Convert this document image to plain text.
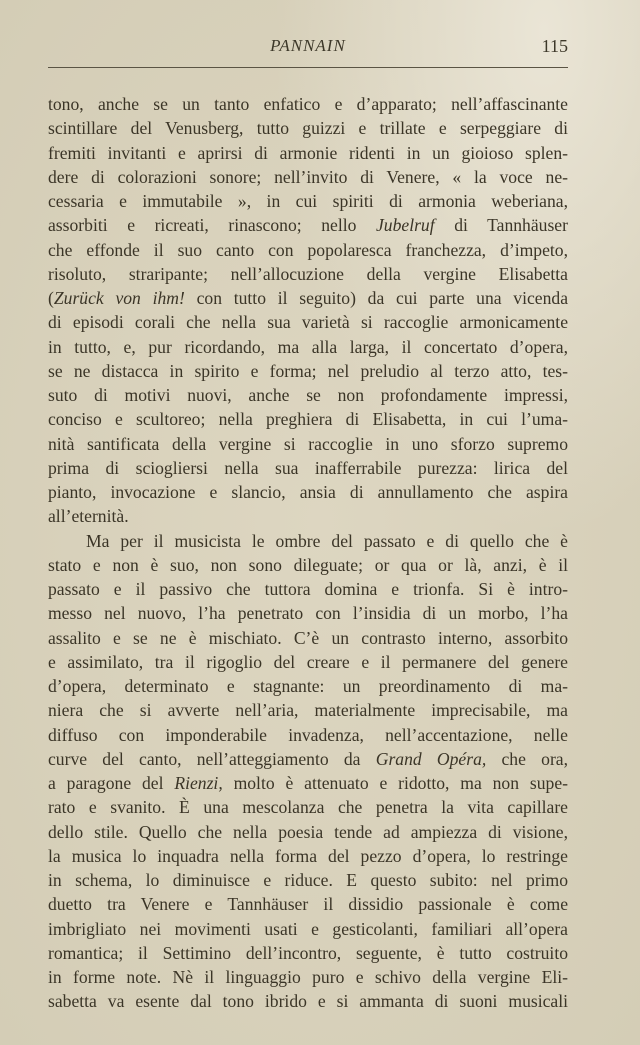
PANNAIN	115
tono, anche se un tanto enfatico e d’apparato; nell’affascinante
scintillare del Venusberg, tutto guizzi e trillate e serpeggiare di
fremiti invitanti e aprirsi di armonie ridenti in un gioioso splen-
dere di colorazioni sonore; nell’invito di Venere, « la voce ne-
cessaria e immutabile », in cui spiriti di armonia weberiana,
assorbiti e ricreati, rinascono; nello Jubelruf di Tannhäuser
che effonde il suo canto con popolaresca franchezza, d’impeto,
risoluto, straripante; nell’allocuzione della vergine Elisabetta
(Zurück von ihm! con tutto il seguito) da cui parte una vicenda
di episodi corali che nella sua varietà si raccoglie armonicamente
in tutto, e, pur ricordando, ma alla larga, il concertato d’opera,
se ne distacca in spirito e forma; nel preludio al terzo atto, tes-
suto di motivi nuovi, anche se non profondamente impressi,
conciso e scultoreo; nella preghiera di Elisabetta, in cui l’uma-
nità santificata della vergine si raccoglie in uno sforzo supremo
prima di sciogliersi nella sua inafferrabile purezza: lirica del
pianto, invocazione e slancio, ansia di annullamento che aspira
all’eternità.
Ma per il musicista le ombre del passato e di quello che è
stato e non è suo, non sono dileguate; or qua or là, anzi, è il
passato e il passivo che tuttora domina e trionfa. Si è intro-
messo nel nuovo, l’ha penetrato con l’insidia di un morbo, l’ha
assalito e se ne è mischiato. C’è un contrasto interno, assorbito
e assimilato, tra il rigoglio del creare e il permanere del genere
d’opera, determinato e stagnante: un preordinamento di ma-
niera che si avverte nell’aria, materialmente imprecisabile, ma
diffuso con imponderabile invadenza, nell’accentazione, nelle
curve del canto, nell’atteggiamento da Grand Opéra, che ora,
a paragone del Rienzi, molto è attenuato e ridotto, ma non supe-
rato e svanito. È una mescolanza che penetra la vita capillare
dello stile. Quello che nella poesia tende ad ampiezza di visione,
la musica lo inquadra nella forma del pezzo d’opera, lo restringe
in schema, lo diminuisce e riduce. E questo subito: nel primo
duetto tra Venere e Tannhäuser il dissidio passionale è come
imbrigliato nei movimenti usati e gesticolanti, familiari all’opera
romantica; il Settimino dell’incontro, seguente, è tutto costruito
in forme note. Nè il linguaggio puro e schivo della vergine Eli-
sabetta va esente dal tono ibrido e si ammanta di suoni musicali
